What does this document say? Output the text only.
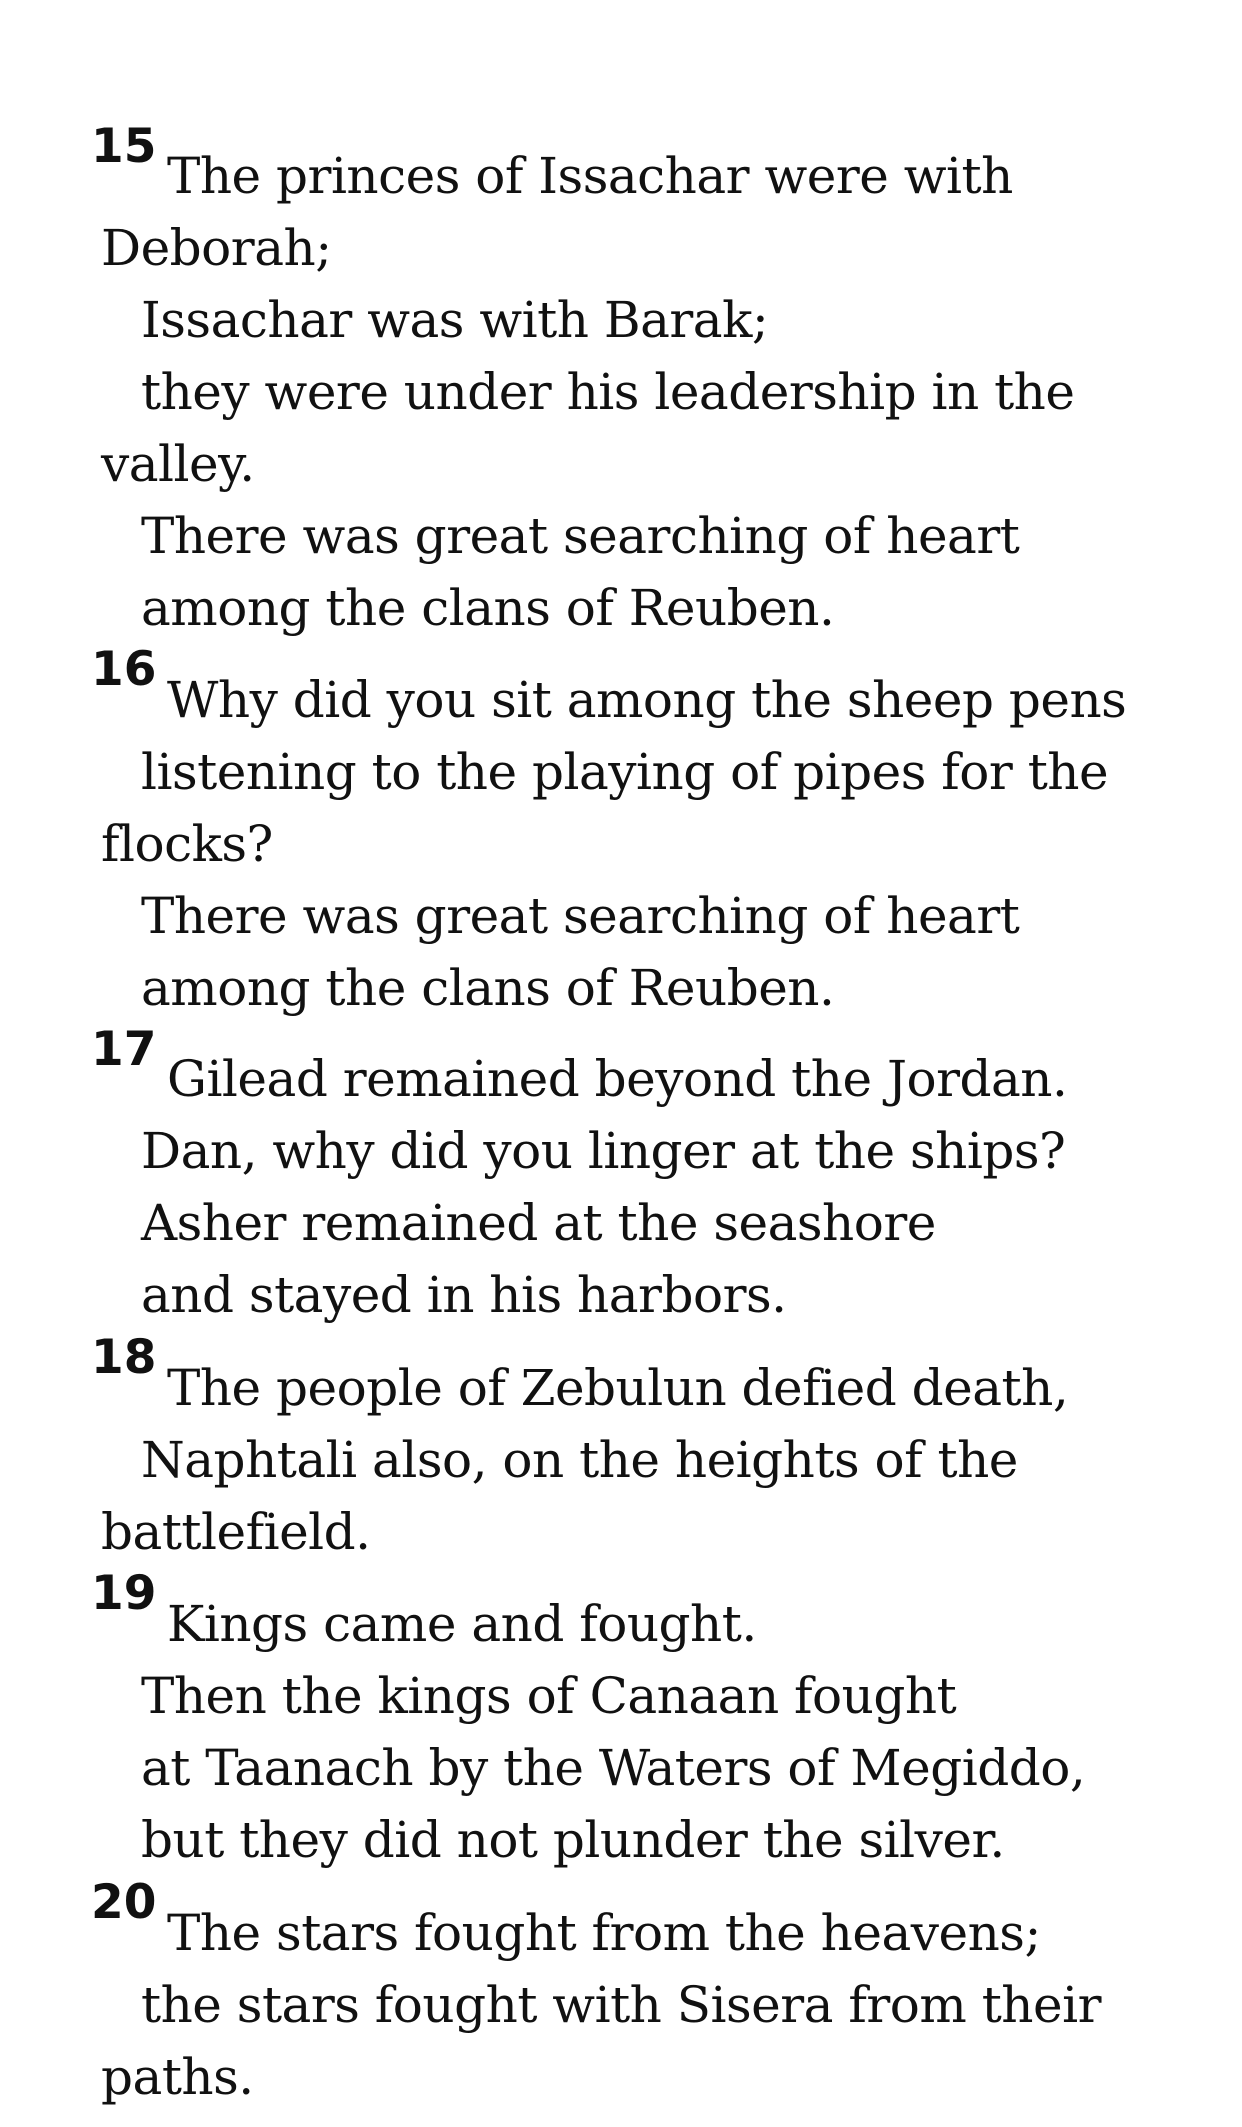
15
The princes of Issachar were with
Deborah;
Issachar was with Barak;
they were under his leadership in the
valley.
There was great searching of heart
among the clans of Reuben.
16
Why did you sit among the sheep pens
listening to the playing of pipes for the
flocks?
There was great searching of heart
among the clans of Reuben.
17
Gilead remained beyond the Jordan.
Dan, why did you linger at the ships?
Asher remained at the seashore
and stayed in his harbors.
18
The people of Zebulun defied death,
Naphtali also, on the heights of the
battlefield.
19
Kings came and fought.
Then the kings of Canaan fought
at Taanach by the Waters of Megiddo,
but they did not plunder the silver.
20
The stars fought from the heavens;
the stars fought with Sisera from their
paths.
